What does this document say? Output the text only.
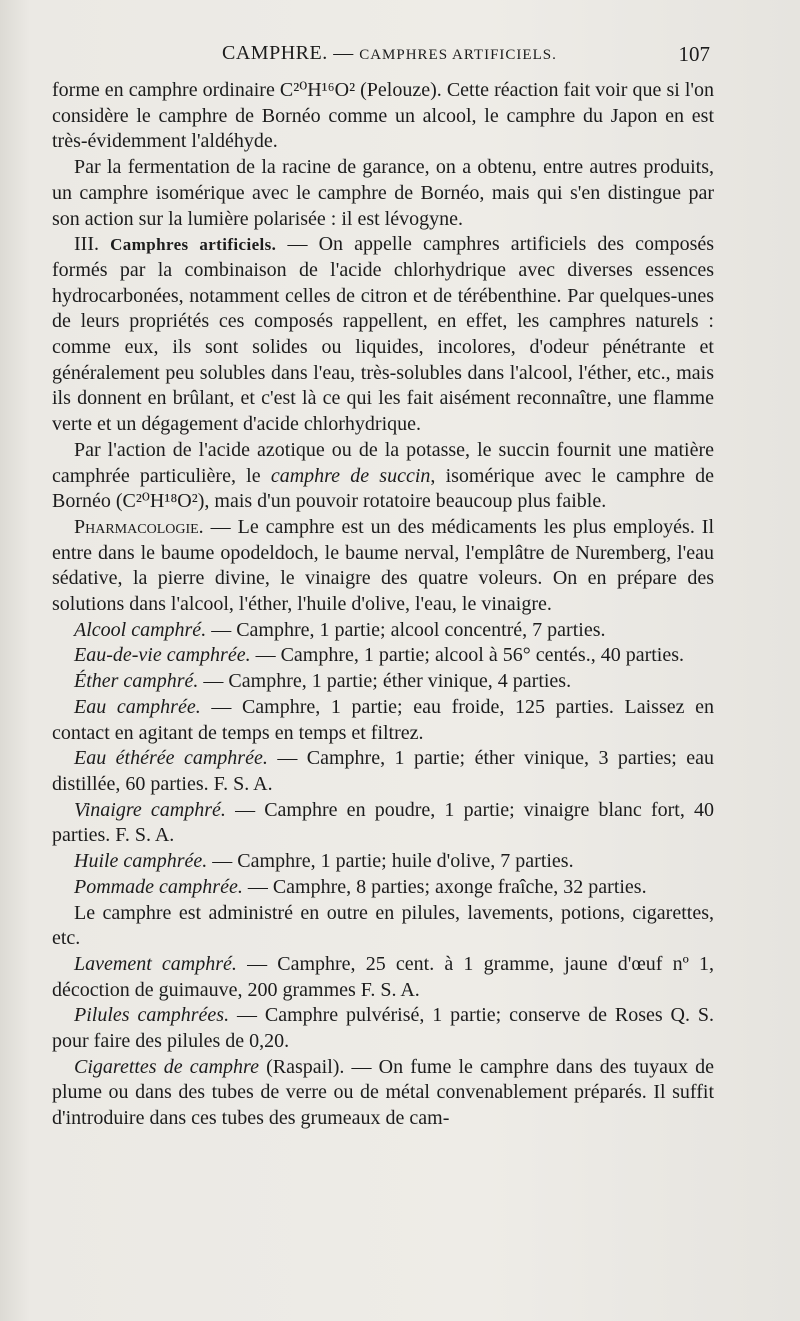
CAMPHRE. — CAMPHRES ARTIFICIELS.	107

forme en camphre ordinaire C²⁰H¹⁶O² (Pelouze). Cette réaction fait voir que si l'on considère le camphre de Bornéo comme un alcool, le camphre du Japon en est très-évidemment l'aldéhyde.

Par la fermentation de la racine de garance, on a obtenu, entre autres produits, un camphre isomérique avec le camphre de Bornéo, mais qui s'en distingue par son action sur la lumière polarisée : il est lévogyne.

III. Camphres artificiels. — On appelle camphres artificiels des composés formés par la combinaison de l'acide chlorhydrique avec diverses essences hydrocarbonées, notamment celles de citron et de térébenthine. Par quelques-unes de leurs propriétés ces composés rappellent, en effet, les camphres naturels : comme eux, ils sont solides ou liquides, incolores, d'odeur pénétrante et généralement peu solubles dans l'eau, très-solubles dans l'alcool, l'éther, etc., mais ils donnent en brûlant, et c'est là ce qui les fait aisément reconnaître, une flamme verte et un dégagement d'acide chlorhydrique.

Par l'action de l'acide azotique ou de la potasse, le succin fournit une matière camphrée particulière, le camphre de succin, isomérique avec le camphre de Bornéo (C²⁰H¹⁸O²), mais d'un pouvoir rotatoire beaucoup plus faible.

Pharmacologie. — Le camphre est un des médicaments les plus employés. Il entre dans le baume opodeldoch, le baume nerval, l'emplâtre de Nuremberg, l'eau sédative, la pierre divine, le vinaigre des quatre voleurs. On en prépare des solutions dans l'alcool, l'éther, l'huile d'olive, l'eau, le vinaigre.

Alcool camphré. — Camphre, 1 partie; alcool concentré, 7 parties.

Eau-de-vie camphrée. — Camphre, 1 partie; alcool à 56° centés., 40 parties.

Éther camphré. — Camphre, 1 partie; éther vinique, 4 parties.

Eau camphrée. — Camphre, 1 partie; eau froide, 125 parties. Laissez en contact en agitant de temps en temps et filtrez.

Eau éthérée camphrée. — Camphre, 1 partie; éther vinique, 3 parties; eau distillée, 60 parties. F. S. A.

Vinaigre camphré. — Camphre en poudre, 1 partie; vinaigre blanc fort, 40 parties. F. S. A.

Huile camphrée. — Camphre, 1 partie; huile d'olive, 7 parties.

Pommade camphrée. — Camphre, 8 parties; axonge fraîche, 32 parties.

Le camphre est administré en outre en pilules, lavements, potions, cigarettes, etc.

Lavement camphré. — Camphre, 25 cent. à 1 gramme, jaune d'œuf nº 1, décoction de guimauve, 200 grammes F. S. A.

Pilules camphrées. — Camphre pulvérisé, 1 partie; conserve de Roses Q. S. pour faire des pilules de 0,20.

Cigarettes de camphre (Raspail). — On fume le camphre dans des tuyaux de plume ou dans des tubes de verre ou de métal convenablement préparés. Il suffit d'introduire dans ces tubes des grumeaux de cam-
